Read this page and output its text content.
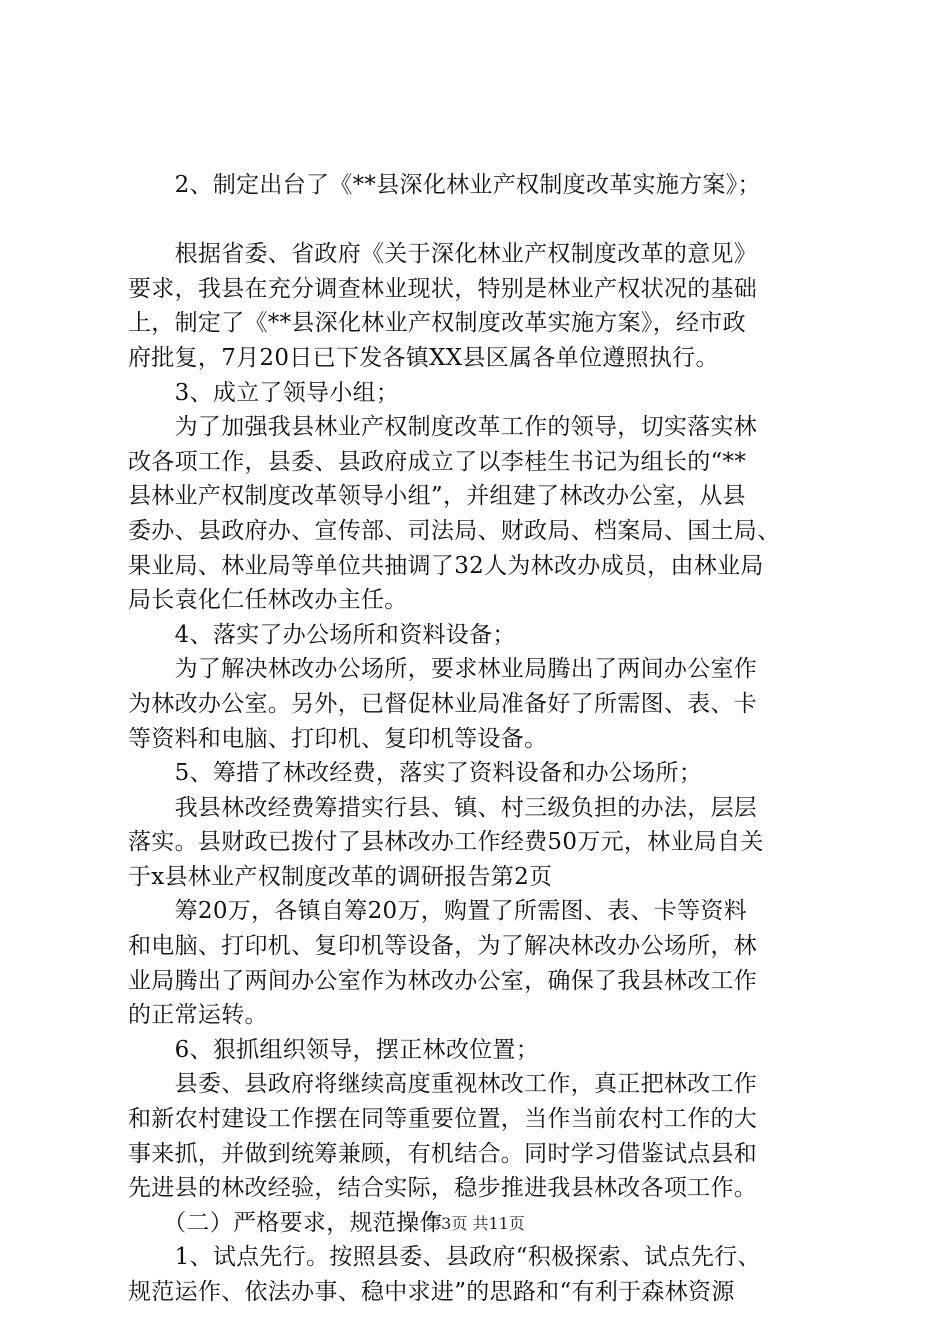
　　2、制定出台了《**县深化林业产权制度改革实施方案》；
　　根据省委、省政府《关于深化林业产权制度改革的意见》
要求，我县在充分调查林业现状，特别是林业产权状况的基础
上，制定了《**县深化林业产权制度改革实施方案》，经市政
府批复，7月20日已下发各镇XX县区属各单位遵照执行。
　　3、成立了领导小组；
　　为了加强我县林业产权制度改革工作的领导，切实落实林
改各项工作，县委、县政府成立了以李桂生书记为组长的“**
县林业产权制度改革领导小组”，并组建了林改办公室，从县
委办、县政府办、宣传部、司法局、财政局、档案局、国土局、
果业局、林业局等单位共抽调了32人为林改办成员，由林业局
局长袁化仁任林改办主任。
　　4、落实了办公场所和资料设备；
　　为了解决林改办公场所，要求林业局腾出了两间办公室作
为林改办公室。另外，已督促林业局准备好了所需图、表、卡
等资料和电脑、打印机、复印机等设备。
　　5、筹措了林改经费，落实了资料设备和办公场所；
　　我县林改经费筹措实行县、镇、村三级负担的办法，层层
落实。县财政已拨付了县林改办工作经费50万元，林业局自关
于x县林业产权制度改革的调研报告第2页
　　筹20万，各镇自筹20万，购置了所需图、表、卡等资料
和电脑、打印机、复印机等设备，为了解决林改办公场所，林
业局腾出了两间办公室作为林改办公室，确保了我县林改工作
的正常运转。
　　6、狠抓组织领导，摆正林改位置；
　　县委、县政府将继续高度重视林改工作，真正把林改工作
和新农村建设工作摆在同等重要位置，当作当前农村工作的大
事来抓，并做到统筹兼顾，有机结合。同时学习借鉴试点县和
先进县的林改经验，结合实际，稳步推进我县林改各项工作。
　　（二）严格要求，规范操作
　　1、试点先行。按照县委、县政府“积极探索、试点先行、
规范运作、依法办事、稳中求进”的思路和“有利于森林资源
第3页 共11页
